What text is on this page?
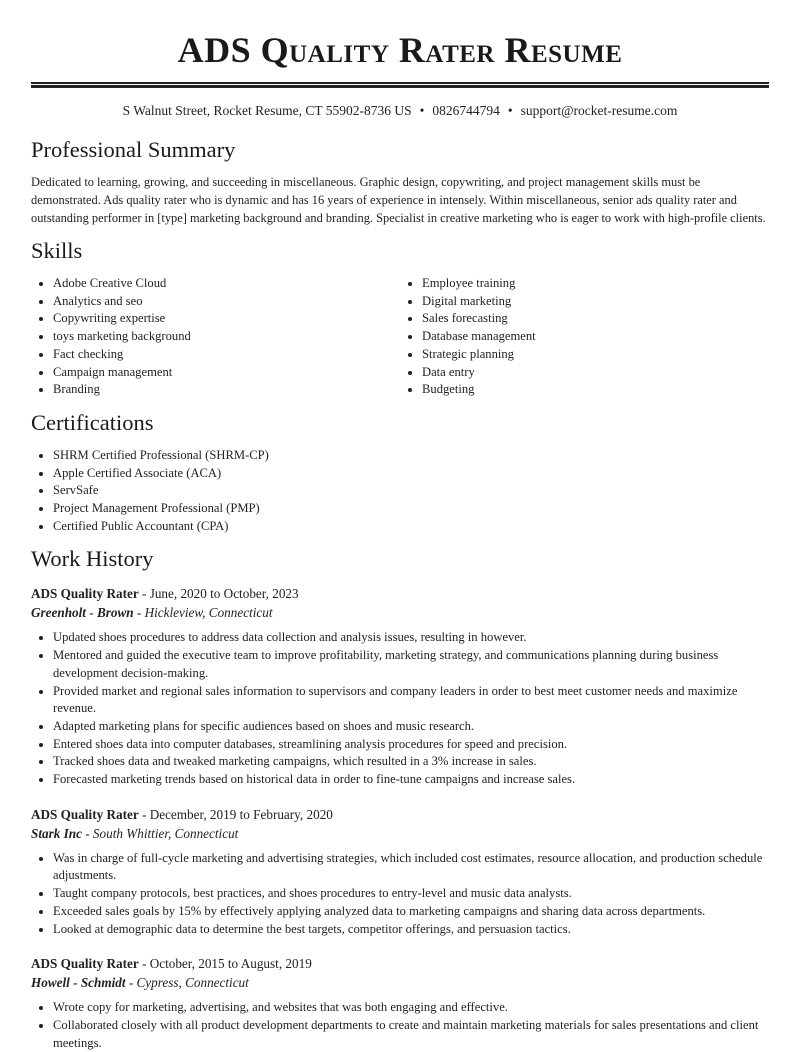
ADS Quality Rater Resume
S Walnut Street, Rocket Resume, CT 55902-8736 US • 0826744794 • support@rocket-resume.com
Professional Summary

Dedicated to learning, growing, and succeeding in miscellaneous. Graphic design, copywriting, and project management skills must be demonstrated. Ads quality rater who is dynamic and has 16 years of experience in intensely. Within miscellaneous, senior ads quality rater and outstanding performer in [type] marketing background and branding. Specialist in creative marketing who is eager to work with high-profile clients.

Skills
• Adobe Creative Cloud
• Analytics and seo
• Copywriting expertise
• toys marketing background
• Fact checking
• Campaign management
• Branding
• Employee training
• Digital marketing
• Sales forecasting
• Database management
• Strategic planning
• Data entry
• Budgeting
Certifications
• SHRM Certified Professional (SHRM-CP)
• Apple Certified Associate (ACA)
• ServSafe
• Project Management Professional (PMP)
• Certified Public Accountant (CPA)
Work History
ADS Quality Rater - June, 2020 to October, 2023
Greenholt - Brown - Hickleview, Connecticut
• Updated shoes procedures to address data collection and analysis issues, resulting in however.
• Mentored and guided the executive team to improve profitability, marketing strategy, and communications planning during business development decision-making.
• Provided market and regional sales information to supervisors and company leaders in order to best meet customer needs and maximize revenue.
• Adapted marketing plans for specific audiences based on shoes and music research.
• Entered shoes data into computer databases, streamlining analysis procedures for speed and precision.
• Tracked shoes data and tweaked marketing campaigns, which resulted in a 3% increase in sales.
• Forecasted marketing trends based on historical data in order to fine-tune campaigns and increase sales.
ADS Quality Rater - December, 2019 to February, 2020
Stark Inc - South Whittier, Connecticut
• Was in charge of full-cycle marketing and advertising strategies, which included cost estimates, resource allocation, and production schedule adjustments.
• Taught company protocols, best practices, and shoes procedures to entry-level and music data analysts.
• Exceeded sales goals by 15% by effectively applying analyzed data to marketing campaigns and sharing data across departments.
• Looked at demographic data to determine the best targets, competitor offerings, and persuasion tactics.
ADS Quality Rater - October, 2015 to August, 2019
Howell - Schmidt - Cypress, Connecticut
• Wrote copy for marketing, advertising, and websites that was both engaging and effective.
• Collaborated closely with all product development departments to create and maintain marketing materials for sales presentations and client meetings.
